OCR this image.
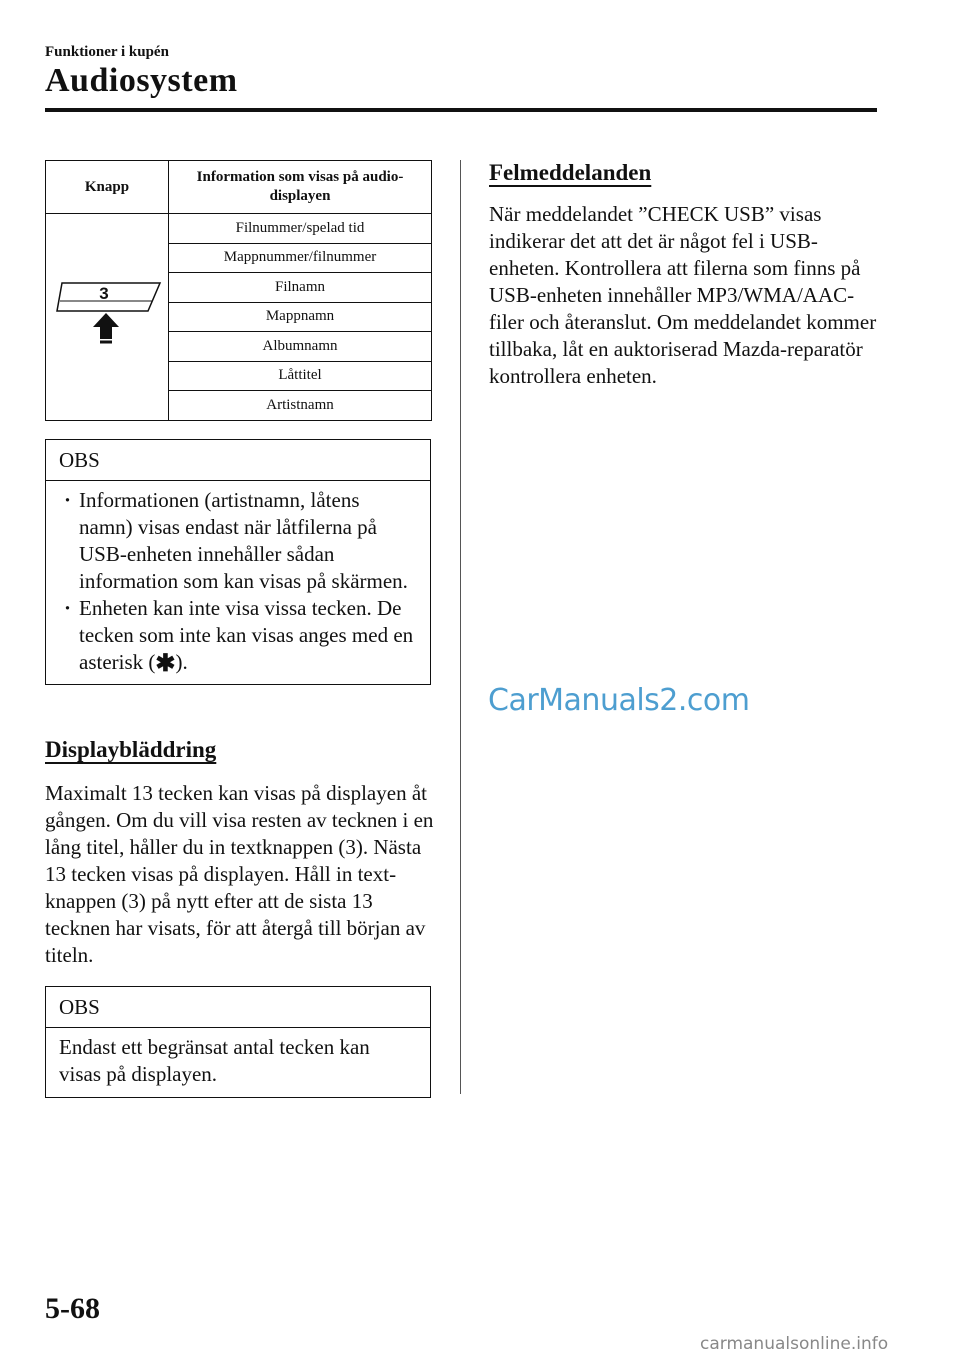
Funktioner i kupén
Audiosystem
Knapp	Information som visas på audio-displayen

3	Filnummer/spelad tid
	Mappnummer/filnummer
	Filnamn
	Mappnamn
	Albumnamn
	Låttitel
	Artistnamn
OBS
· Informationen (artistnamn, låtens namn) visas endast när låtfilerna på USB-enheten innehåller sådan information som kan visas på skärmen.
· Enheten kan inte visa vissa tecken. De tecken som inte kan visas anges med en asterisk (✱).
Displaybläddring

Maximalt 13 tecken kan visas på displayen åt gången. Om du vill visa resten av tecknen i en lång titel, håller du in textknappen (3). Nästa 13 tecken visas på displayen. Håll in text-knappen (3) på nytt efter att de sista 13 tecknen har visats, för att återgå till början av titeln.

OBS
Endast ett begränsat antal tecken kan visas på displayen.
Felmeddelanden

När meddelandet ”CHECK USB” visas indikerar det att det är något fel i USB-enheten. Kontrollera att filerna som finns på USB-enheten innehåller MP3/WMA/AAC-filer och återanslut. Om meddelandet kommer tillbaka, låt en auktoriserad Mazda-reparatör kontrollera enheten.

CarManuals2.com
5-68
carmanualsonline.info
